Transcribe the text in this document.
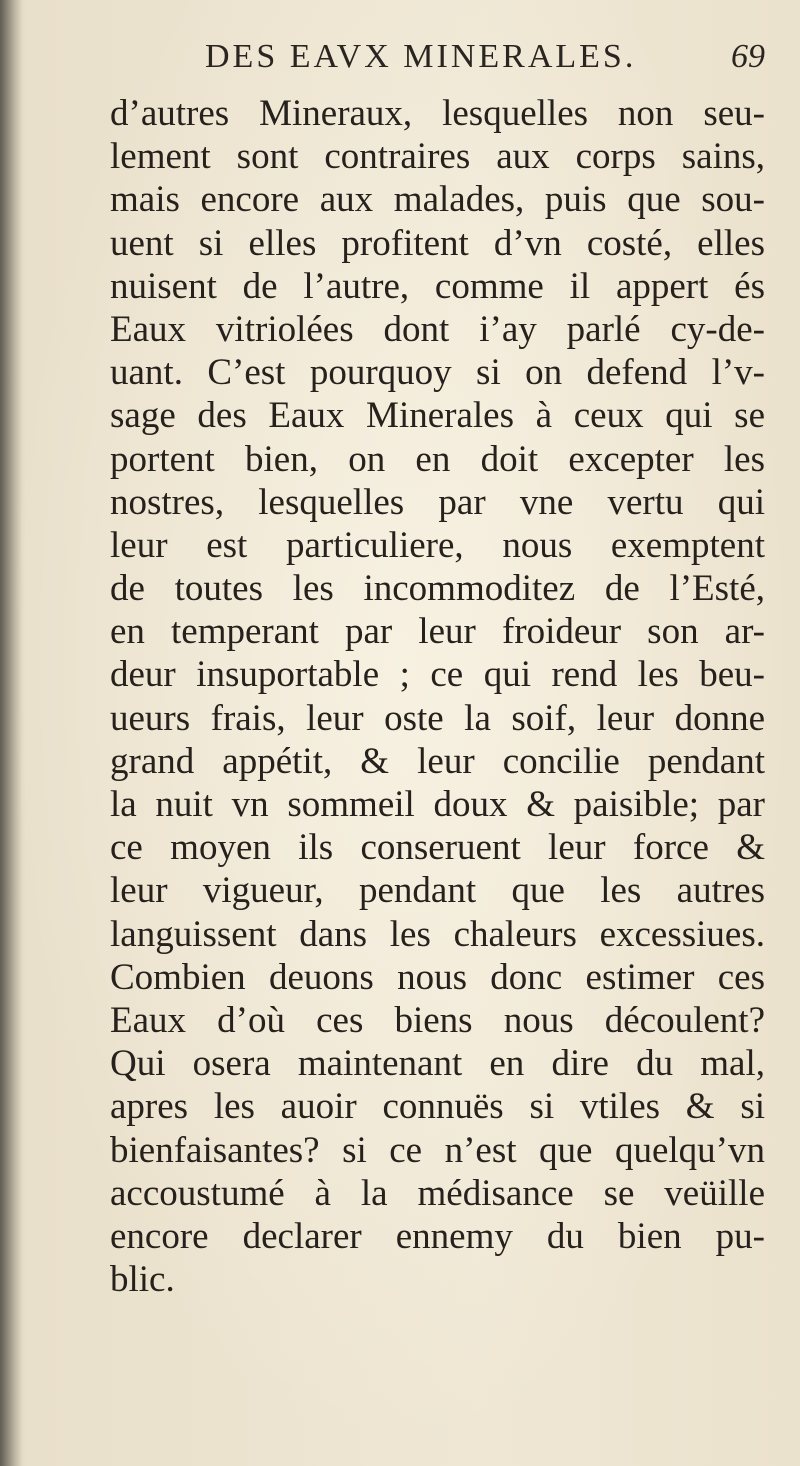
DES EAVX MINERALES.	69
d’autres Mineraux, lesquelles non seu-
lement sont contraires aux corps sains,
mais encore aux malades, puis que sou-
uent si elles profitent d’vn costé, elles
nuisent de l’autre, comme il appert és
Eaux vitriolées dont i’ay parlé cy-de-
uant. C’est pourquoy si on defend l’v-
sage des Eaux Minerales à ceux qui se
portent bien, on en doit excepter les
nostres, lesquelles par vne vertu qui
leur est particuliere, nous exemptent
de toutes les incommoditez de l’Esté,
en temperant par leur froideur son ar-
deur insuportable ; ce qui rend les beu-
ueurs frais, leur oste la soif, leur donne
grand appétit, & leur concilie pendant
la nuit vn sommeil doux & paisible; par
ce moyen ils conseruent leur force &
leur vigueur, pendant que les autres
languissent dans les chaleurs excessiues.
Combien deuons nous donc estimer ces
Eaux d’où ces biens nous découlent?
Qui osera maintenant en dire du mal,
apres les auoir connuës si vtiles & si
bienfaisantes? si ce n’est que quelqu’vn
accoustumé à la médisance se veüille
encore declarer ennemy du bien pu-
blic.
